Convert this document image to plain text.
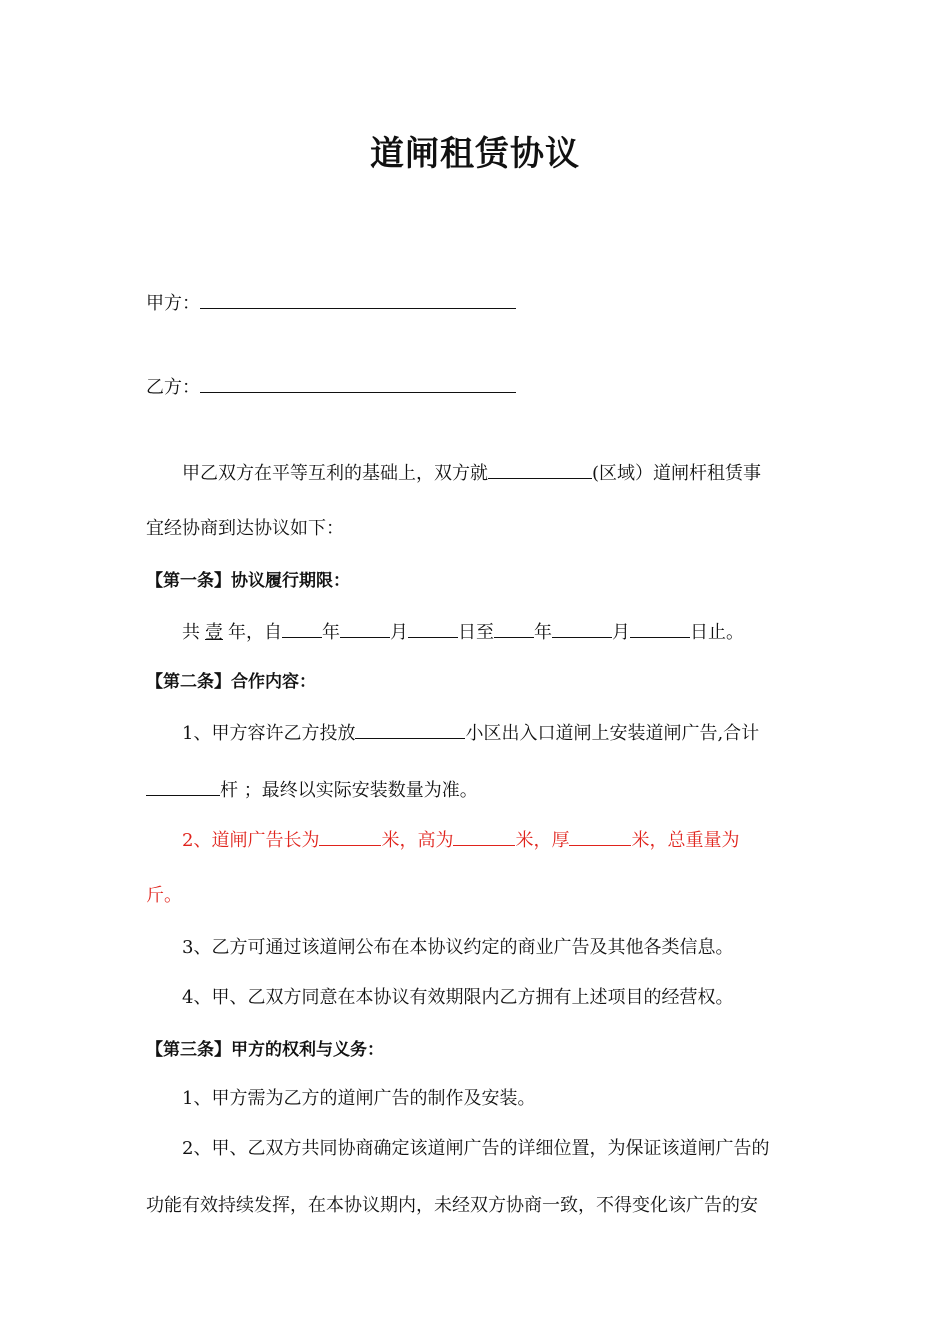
道闸租赁协议
甲方：
乙方：
甲乙双方在平等互利的基础上，双方就	(区域）道闸杆租赁事
宜经协商到达协议如下：
【第一条】协议履行期限：
共 壹 年，自 年	月	日至 年	月	日止。
【第二条】合作内容：
1、甲方容许乙方投放	小区出入口道闸上安装道闸广告,合计
杆 ；最终以实际安装数量为准。
2、道闸广告长为	米，高为	米，厚	米，总重量为
斤。
3、乙方可通过该道闸公布在本协议约定的商业广告及其他各类信息。
4、甲、乙双方同意在本协议有效期限内乙方拥有上述项目的经营权。
【第三条】甲方的权利与义务：
1、甲方需为乙方的道闸广告的制作及安装。
2、甲、乙双方共同协商确定该道闸广告的详细位置，为保证该道闸广告的
功能有效持续发挥，在本协议期内，未经双方协商一致，不得变化该广告的安
